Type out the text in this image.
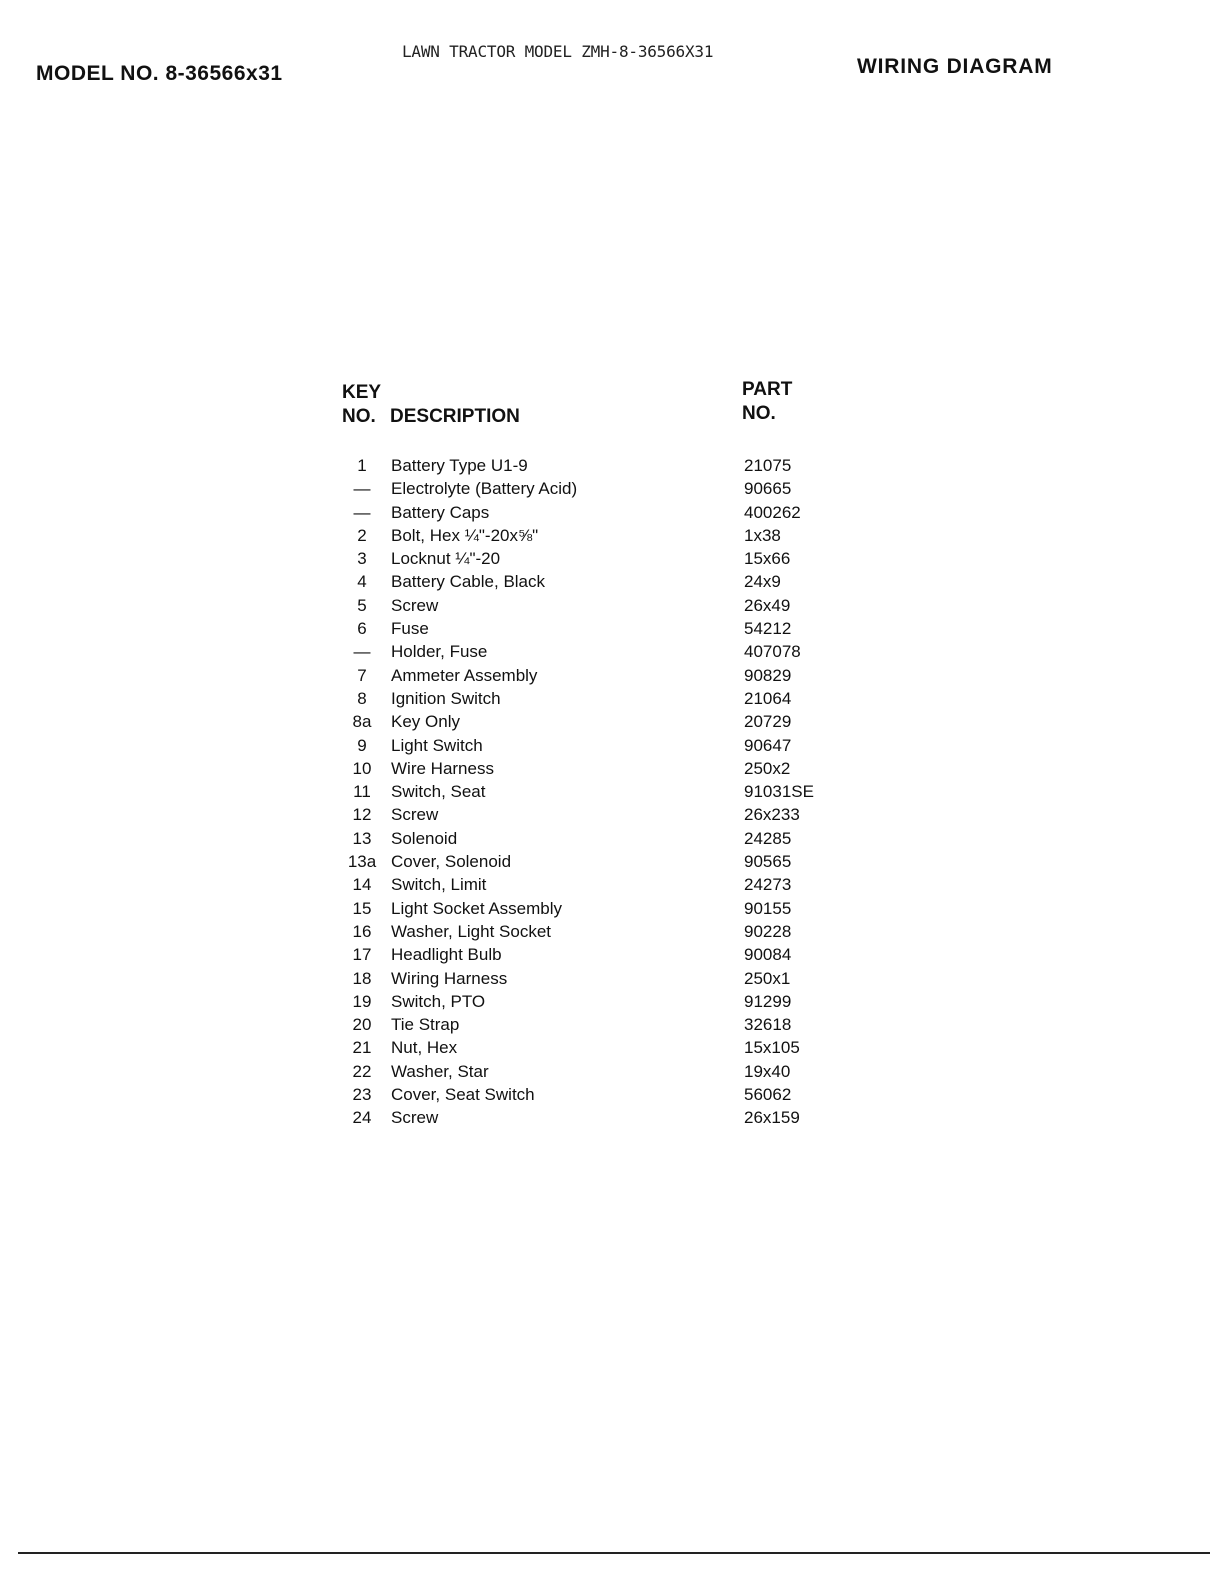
MODEL NO. 8-36566x31
LAWN TRACTOR MODEL ZMH-8-36566X31
WIRING DIAGRAM
KEY
NO. DESCRIPTION
PART
NO.
1	Battery Type U1-9	21075
—	Electrolyte (Battery Acid)	90665
—	Battery Caps	400262
2	Bolt, Hex ¼"-20x⅝"	1x38
3	Locknut ¼"-20	15x66
4	Battery Cable, Black	24x9
5	Screw	26x49
6	Fuse	54212
—	Holder, Fuse	407078
7	Ammeter Assembly	90829
8	Ignition Switch	21064
8a	Key Only	20729
9	Light Switch	90647
10	Wire Harness	250x2
11	Switch, Seat	91031SE
12	Screw	26x233
13	Solenoid	24285
13a Cover, Solenoid	90565
14	Switch, Limit	24273
15	Light Socket Assembly	90155
16	Washer, Light Socket	90228
17	Headlight Bulb	90084
18	Wiring Harness	250x1
19	Switch, PTO	91299
20	Tie Strap	32618
21	Nut, Hex	15x105
22	Washer, Star	19x40
23	Cover, Seat Switch	56062
24	Screw	26x159
